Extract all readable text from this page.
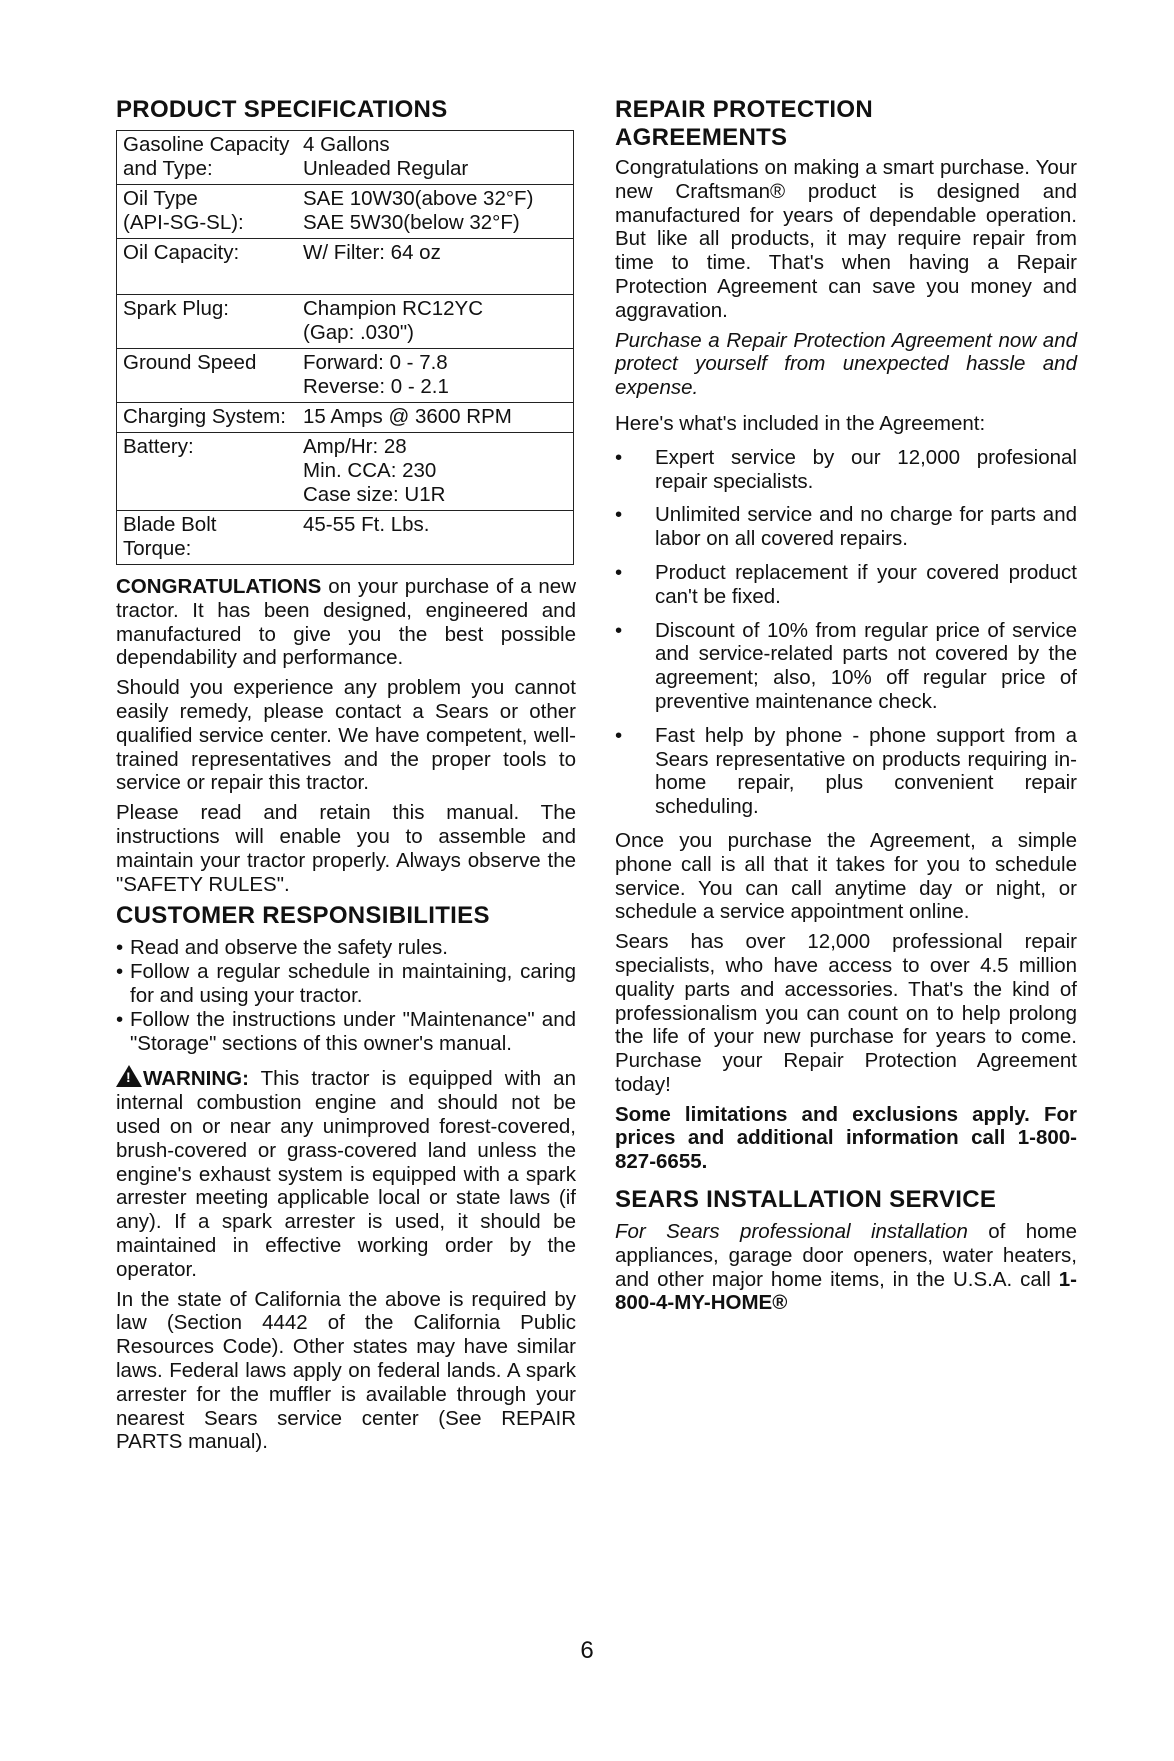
PRODUCT SPECIFICATIONS
Gasoline Capacity
and Type:	4 Gallons
Unleaded Regular
Oil Type
(API-SG-SL):	SAE 10W30(above 32°F)
SAE 5W30(below 32°F)
Oil Capacity:	W/ Filter: 64 oz
Spark Plug:	Champion RC12YC
(Gap: .030")
Ground Speed	Forward: 0 - 7.8
Reverse: 0 - 2.1
Charging System:	15 Amps @ 3600 RPM
Battery:	Amp/Hr: 28
Min. CCA: 230
Case size: U1R
Blade Bolt
Torque:	45-55 Ft. Lbs.

CONGRATULATIONS on your purchase of a new tractor. It has been designed, engineered and manufactured to give you the best possible dependability and performance.

Should you experience any problem you cannot easily remedy, please contact a Sears or other qualified service center. We have competent, well-trained representatives and the proper tools to service or repair this tractor.

Please read and retain this manual. The instructions will enable you to assemble and maintain your tractor properly. Always observe the "SAFETY RULES".

CUSTOMER RESPONSIBILITIES
• Read and observe the safety rules.
• Follow a regular schedule in maintaining, caring for and using your tractor.
• Follow the instructions under "Maintenance" and "Storage" sections of this owner's manual.

! WARNING: This tractor is equipped with an internal combustion engine and should not be used on or near any unimproved forest-covered, brush-covered or grass-covered land unless the engine's exhaust system is equipped with a spark arrester meeting applicable local or state laws (if any). If a spark arrester is used, it should be maintained in effective working order by the operator.

In the state of California the above is required by law (Section 4442 of the California Public Resources Code). Other states may have similar laws. Federal laws apply on federal lands. A spark arrester for the muffler is available through your nearest Sears service center (See REPAIR PARTS manual).

REPAIR PROTECTION
AGREEMENTS

Congratulations on making a smart purchase. Your new Craftsman® product is designed and manufactured for years of dependable operation. But like all products, it may require repair from time to time. That's when having a Repair Protection Agreement can save you money and aggravation.

Purchase a Repair Protection Agreement now and protect yourself from unexpected hassle and expense.

Here's what's included in the Agreement:

• Expert service by our 12,000 profesional repair specialists.
• Unlimited service and no charge for parts and labor on all covered repairs.
• Product replacement if your covered product can't be fixed.
• Discount of 10% from regular price of service and service-related parts not covered by the agreement; also, 10% off regular price of preventive maintenance check.
• Fast help by phone - phone support from a Sears representative on products requiring in-home repair, plus convenient repair scheduling.

Once you purchase the Agreement, a simple phone call is all that it takes for you to schedule service. You can call anytime day or night, or schedule a service appointment online.

Sears has over 12,000 professional repair specialists, who have access to over 4.5 million quality parts and accessories. That's the kind of professionalism you can count on to help prolong the life of your new purchase for years to come. Purchase your Repair Protection Agreement today!

Some limitations and exclusions apply. For prices and additional information call 1-800-827-6655.

SEARS INSTALLATION SERVICE

For Sears professional installation of home appliances, garage door openers, water heaters, and other major home items, in the U.S.A. call 1-800-4-MY-HOME®

6
